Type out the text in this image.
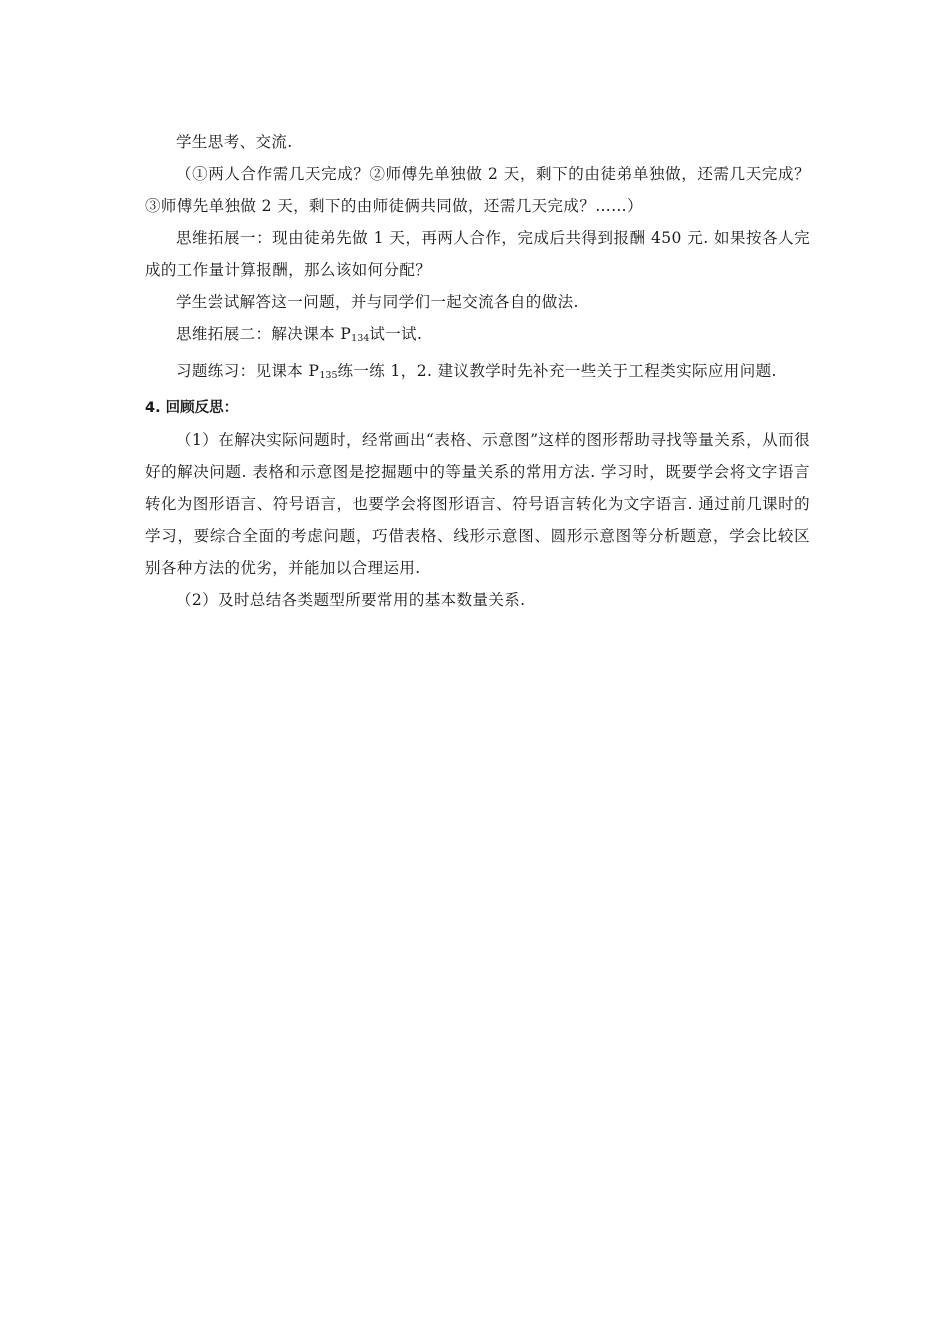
学生思考、交流.

（①两人合作需几天完成？②师傅先单独做 2 天，剩下的由徒弟单独做，还需几天完成？③师傅先单独做 2 天，剩下的由师徒俩共同做，还需几天完成？……）

思维拓展一：现由徒弟先做 1 天，再两人合作，完成后共得到报酬 450 元. 如果按各人完成的工作量计算报酬，那么该如何分配？

学生尝试解答这一问题，并与同学们一起交流各自的做法.

思维拓展二：解决课本 $P_{134}$试一试.

习题练习：见课本 $P_{135}$练一练 1，2. 建议教学时先补充一些关于工程类实际应用问题.

4. 回顾反思：

（1）在解决实际问题时，经常画出“表格、示意图”这样的图形帮助寻找等量关系，从而很好的解决问题. 表格和示意图是挖掘题中的等量关系的常用方法. 学习时，既要学会将文字语言转化为图形语言、符号语言，也要学会将图形语言、符号语言转化为文字语言. 通过前几课时的学习，要综合全面的考虑问题，巧借表格、线形示意图、圆形示意图等分析题意，学会比较区别各种方法的优劣，并能加以合理运用.

（2）及时总结各类题型所要常用的基本数量关系.
